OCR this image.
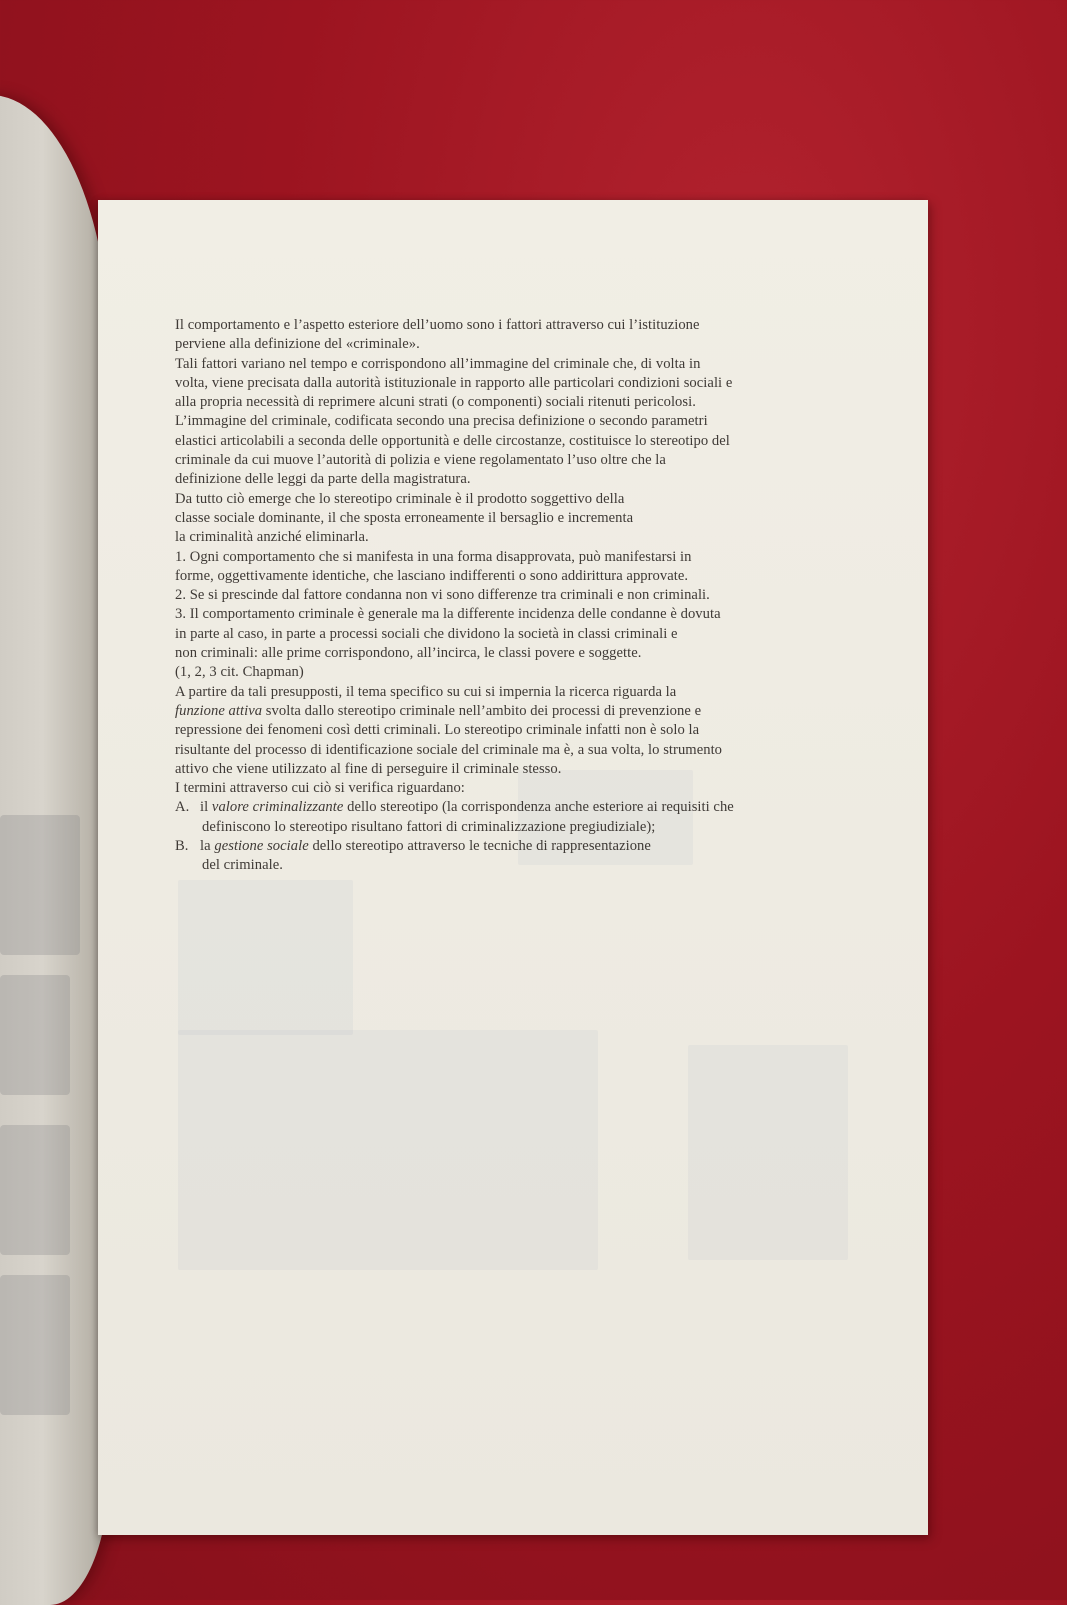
Il comportamento e l’aspetto esteriore dell’uomo sono i fattori attraverso cui l’istituzione
perviene alla definizione del «criminale».
Tali fattori variano nel tempo e corrispondono all’immagine del criminale che, di volta in
volta, viene precisata dalla autorità istituzionale in rapporto alle particolari condizioni sociali e
alla propria necessità di reprimere alcuni strati (o componenti) sociali ritenuti pericolosi.
L’immagine del criminale, codificata secondo una precisa definizione o secondo parametri
elastici articolabili a seconda delle opportunità e delle circostanze, costituisce lo stereotipo del
criminale da cui muove l’autorità di polizia e viene regolamentato l’uso oltre che la
definizione delle leggi da parte della magistratura.
Da tutto ciò emerge che lo stereotipo criminale è il prodotto soggettivo della
classe sociale dominante, il che sposta erroneamente il bersaglio e incrementa
la criminalità anziché eliminarla.
1. Ogni comportamento che si manifesta in una forma disapprovata, può manifestarsi in
forme, oggettivamente identiche, che lasciano indifferenti o sono addirittura approvate.
2. Se si prescinde dal fattore condanna non vi sono differenze tra criminali e non criminali.
3. Il comportamento criminale è generale ma la differente incidenza delle condanne è dovuta
in parte al caso, in parte a processi sociali che dividono la società in classi criminali e
non criminali: alle prime corrispondono, all’incirca, le classi povere e soggette.
(1, 2, 3 cit. Chapman)
A partire da tali presupposti, il tema specifico su cui si impernia la ricerca riguarda la
funzione attiva svolta dallo stereotipo criminale nell’ambito dei processi di prevenzione e
repressione dei fenomeni così detti criminali. Lo stereotipo criminale infatti non è solo la
risultante del processo di identificazione sociale del criminale ma è, a sua volta, lo strumento
attivo che viene utilizzato al fine di perseguire il criminale stesso.
I termini attraverso cui ciò si verifica riguardano:
A. il valore criminalizzante dello stereotipo (la corrispondenza anche esteriore ai requisiti che
definiscono lo stereotipo risultano fattori di criminalizzazione pregiudiziale);
B. la gestione sociale dello stereotipo attraverso le tecniche di rappresentazione
del criminale.
